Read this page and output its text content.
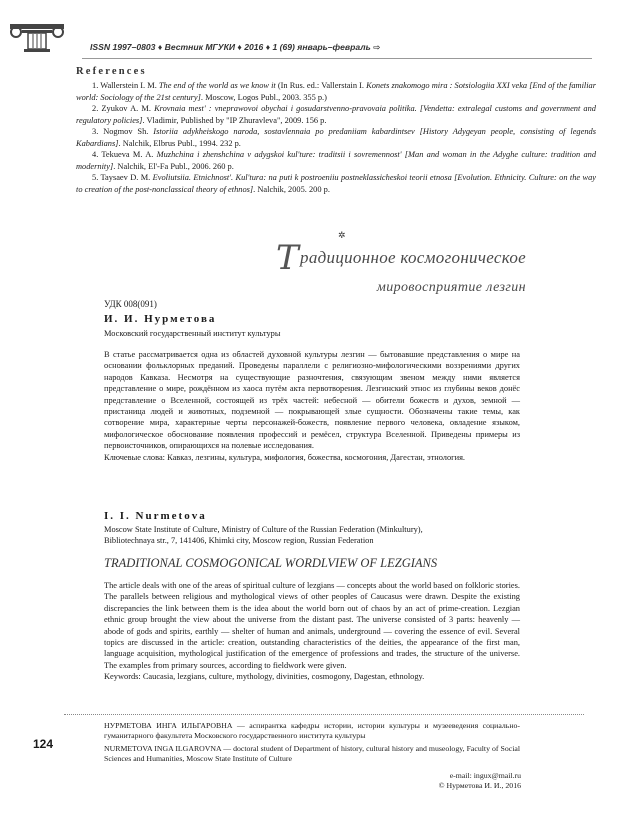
ISSN 1997–0803 ♦ Вестник МГУКИ ♦ 2016 ♦ 1 (69) январь–февраль ⇨
References

1. Wallerstein I. M. The end of the world as we know it (In Rus. ed.: Vallerstain I. Konets znakomogo mira : Sotsiologiia XXI veka [End of the familiar world: Sociology of the 21st century]. Moscow, Logos Publ., 2003. 355 p.)

2. Zyukov A. M. Krovnaia mest' : vneprawovoi obychai i gosudarstvenno-pravovaia politika. [Vendetta: extralegal customs and government and regulatory policies]. Vladimir, Published by "IP Zhuravleva", 2009. 156 p.

3. Nogmov Sh. Istoriia adykheiskogo naroda, sostavlennaia po predaniiam kabardintsev [History Adygeyan people, consisting of legends Kabardians]. Nalchik, Elbrus Publ., 1994. 232 p.

4. Tekueva M. A. Muzhchina i zhenshchina v adygskoi kul'ture: traditsii i sovremennost' [Man and woman in the Adyghe culture: tradition and modernity]. Nalchik, El'-Fa Publ., 2006. 260 p.

5. Taysaev D. M. Evoliutsiia. Etnichnost'. Kul'tura: na puti k postroeniiu postneklassicheskoi teorii etnosa [Evolution. Ethnicity. Culture: on the way to creation of the post-nonclassical theory of ethnos]. Nalchik, 2005. 200 p.

✲
Традиционное космогоническое
мировосприятие лезгин
УДК 008(091)
И. И. Нурметова
Московский государственный институт культуры

В статье рассматривается одна из областей духовной культуры лезгин — бытовавшие представления о мире на основании фольклорных преданий. Проведены параллели с религиозно-мифологическими воззрениями других народов Кавказа. Несмотря на существующие разночтения, связующим звеном между ними является представление о мире, рождённом из хаоса путём акта первотворения. Лезгинский этнос из глубины веков донёс представление о Вселенной, состоящей из трёх частей: небесной — обители божеств и духов, земной — пристаница людей и животных, подземной — покрывающей злые сущности. Обозначены такие темы, как сотворение мира, характерные черты персонажей-божеств, появление первого человека, овладение языком, мифологическое обоснование появления профессий и ремёсел, структура Вселенной. Приведены примеры из первоисточников, опирающихся на полевые исследования.

Ключевые слова: Кавказ, лезгины, культура, мифология, божества, космогония, Дагестан, этнология.

I. I. Nurmetova
Moscow State Institute of Culture, Ministry of Culture of the Russian Federation (Minkultury),
Bibliotechnaya str., 7, 141406, Khimki city, Moscow region, Russian Federation
TRADITIONAL COSMOGONICAL WORDLVIEW OF LEZGIANS

The article deals with one of the areas of spiritual culture of lezgians — concepts about the world based on folkloric stories. The parallels between religious and mythological views of other peoples of Caucasus were drawn. Despite the existing discrepancies the link between them is the idea about the world born out of chaos by an act of prime-creation. Lezgian ethnic group brought the view about the universe from the distant past. The universe consisted of 3 parts: heavenly — abode of gods and spirits, earthly — shelter of human and animals, underground — covering the essence of evil. Several topics are discussed in the article: creation, outstanding characteristics of the deities, the appearance of the first man, language acquisition, mythological justification of the emergence of professions and trades, the structure of the universe. The examples from primary sources, according to fieldwork were given.

Keywords: Caucasia, lezgians, culture, mythology, divinities, cosmogony, Dagestan, ethnology.

124
НУРМЕТОВА ИНГА ИЛЬГАРОВНА — аспирантка кафедры истории, истории культуры и музееведения социально-гуманитарного факультета Московского государственного института культуры
NURMETOVA INGA ILGAROVNA — doctoral student of Department of history, cultural history and museology, Faculty of Social Sciences and Humanities, Moscow State Institute of Culture
e-mail: ingux@mail.ru
© Нурметова И. И., 2016
